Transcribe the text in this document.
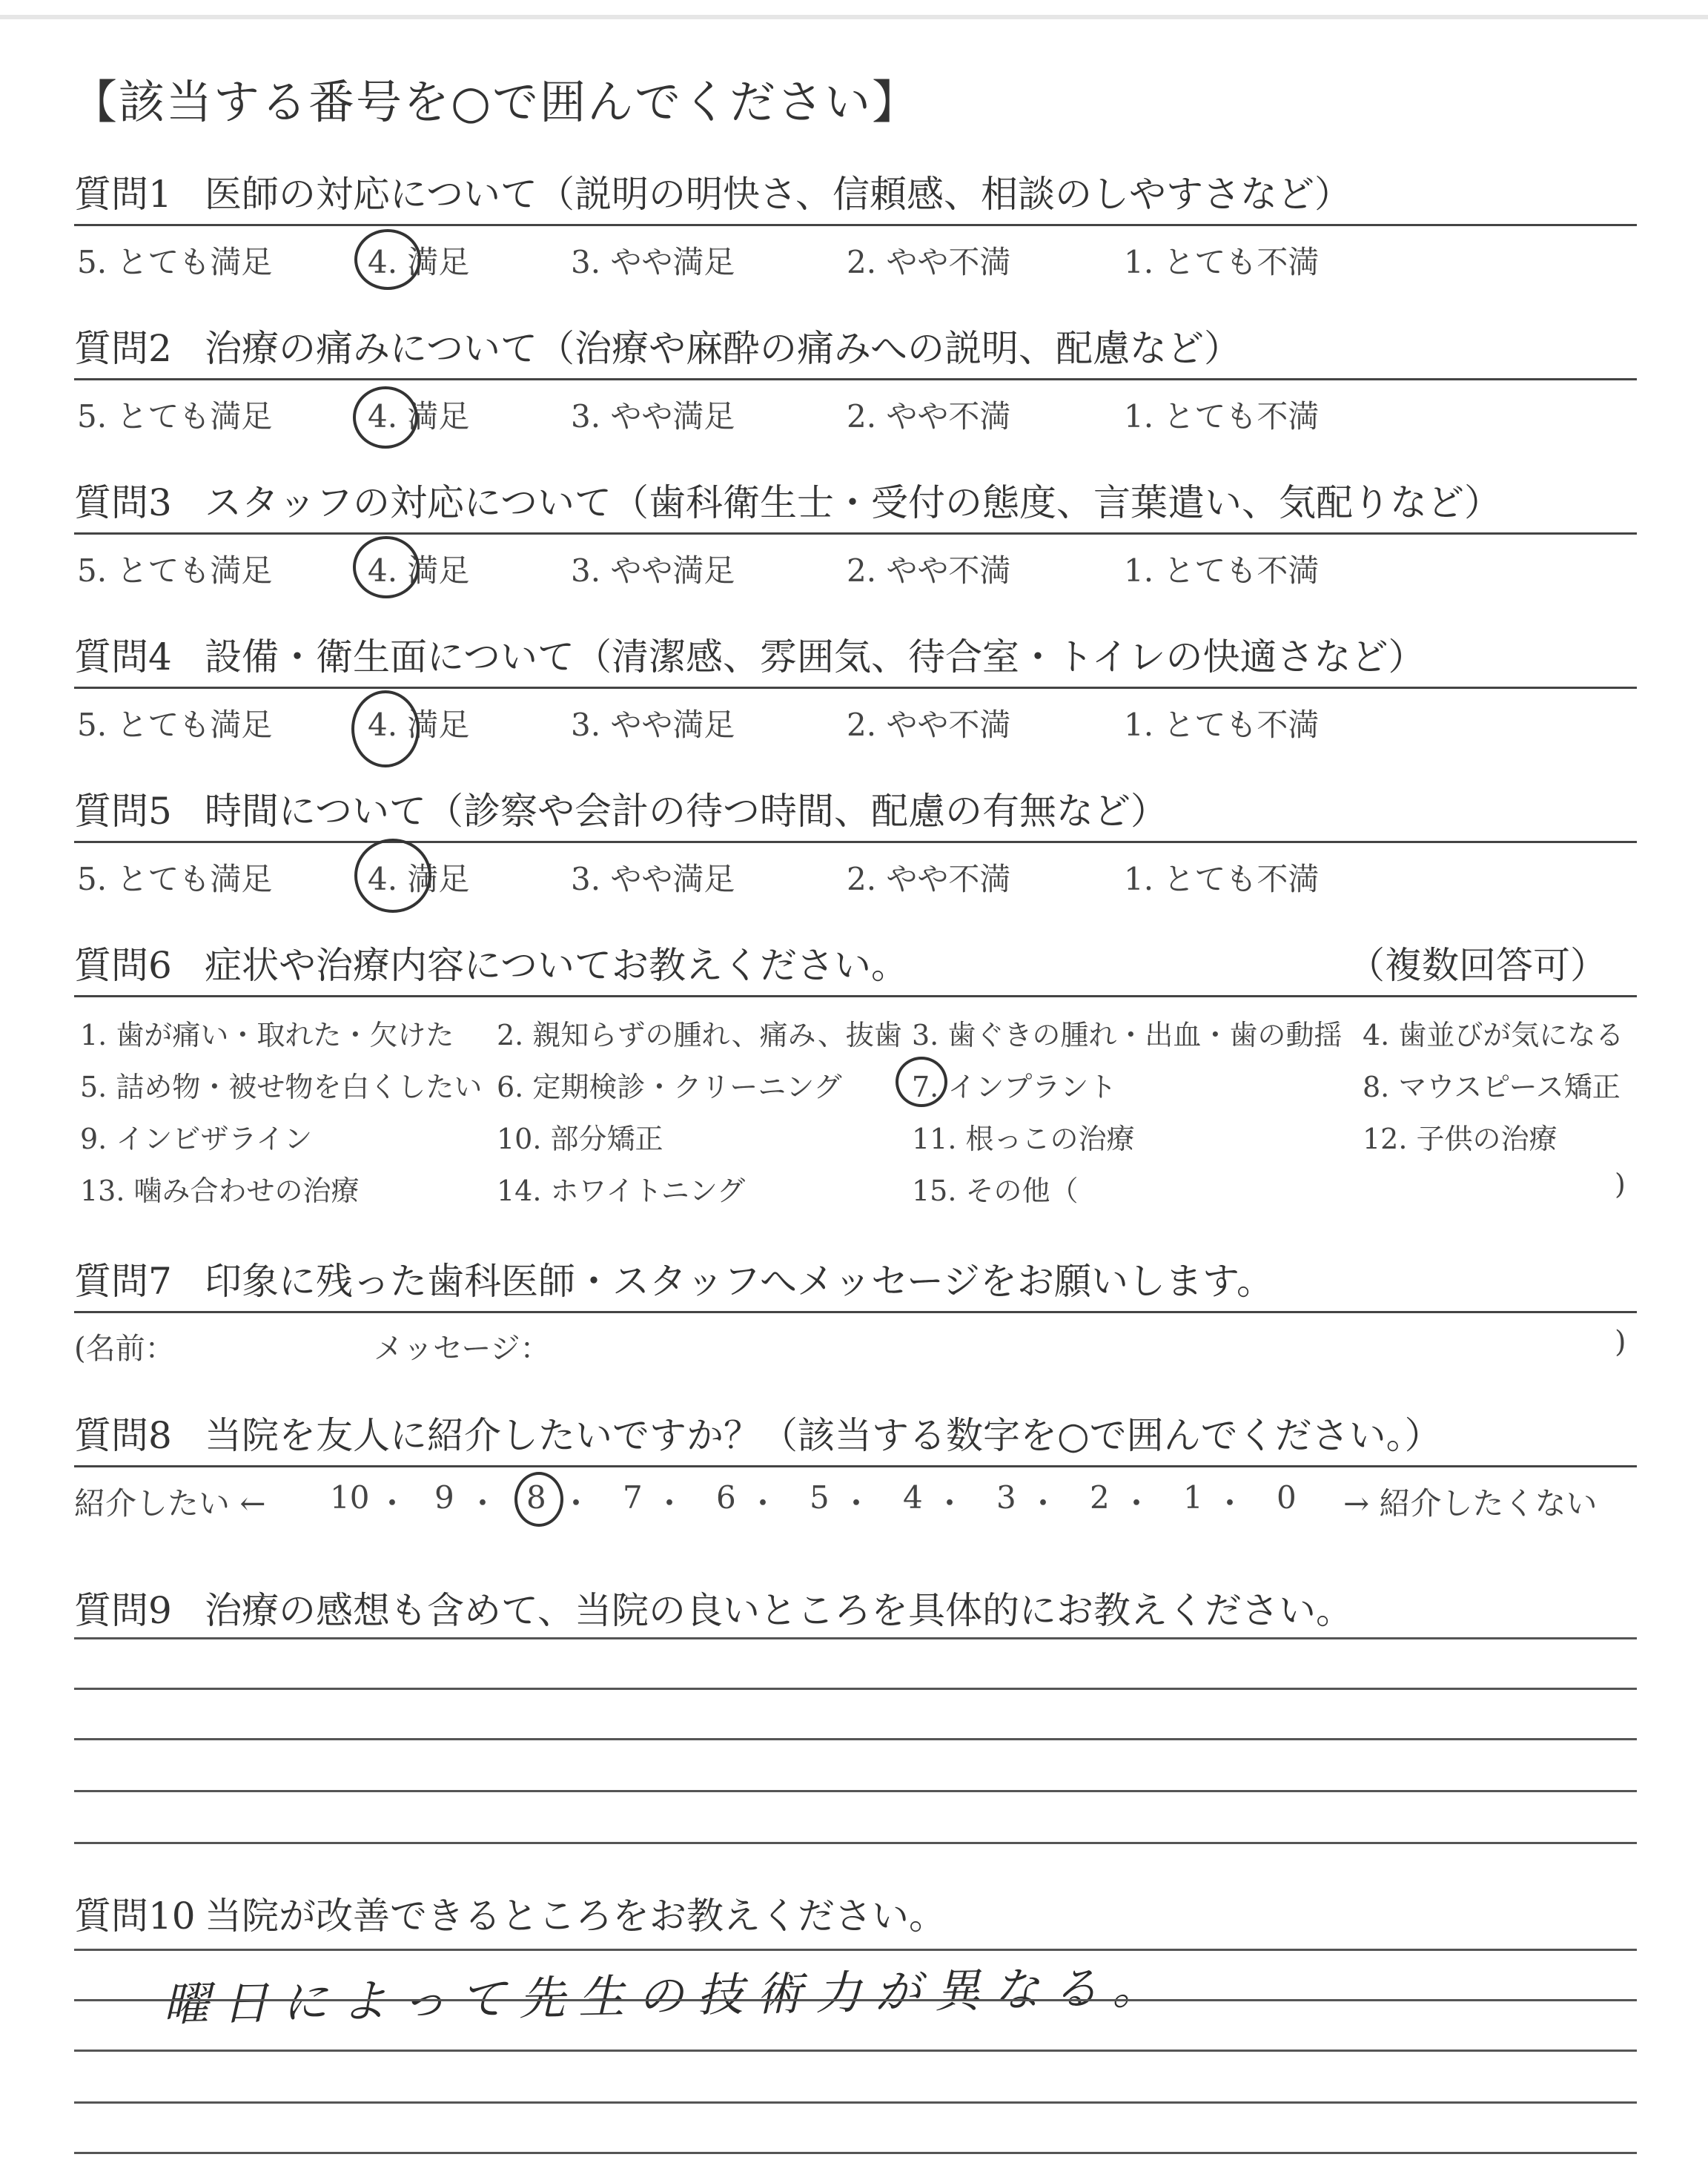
【該当する番号を○で囲んでください】
質問1 医師の対応について（説明の明快さ、信頼感、相談のしやすさなど）
5. とても満足	4. 満足	3. やや満足	2. やや不満	1. とても不満
質問2 治療の痛みについて（治療や麻酔の痛みへの説明、配慮など）
5. とても満足	4. 満足	3. やや満足	2. やや不満	1. とても不満
質問3 スタッフの対応について（歯科衛生士・受付の態度、言葉遣い、気配りなど）
5. とても満足	4. 満足	3. やや満足	2. やや不満	1. とても不満
質問4 設備・衛生面について（清潔感、雰囲気、待合室・トイレの快適さなど）
5. とても満足	4. 満足	3. やや満足	2. やや不満	1. とても不満
質問5 時間について（診察や会計の待つ時間、配慮の有無など）
5. とても満足	4. 満足	3. やや満足	2. やや不満	1. とても不満
質問6 症状や治療内容についてお教えください。	（複数回答可）
1. 歯が痛い・取れた・欠けた 2. 親知らずの腫れ、痛み、抜歯 3. 歯ぐきの腫れ・出血・歯の動揺 4. 歯並びが気になる
5. 詰め物・被せ物を白くしたい 6. 定期検診・クリーニング 7. インプラント	8. マウスピース矯正
9. インビザライン	10. 部分矯正	11. 根っこの治療	12. 子供の治療
13. 噛み合わせの治療	14. ホワイトニング	15. その他（	)
質問7 印象に残った歯科医師・スタッフへメッセージをお願いします。
(名前：	メッセージ：	)
質問8 当院を友人に紹介したいですか？（該当する数字を○で囲んでください。）
紹介したい ← 10 ・ 9 ・ 8 ・ 7 ・ 6 ・ 5 ・ 4 ・ 3 ・ 2 ・ 1 ・ 0 → 紹介したくない
質問9 治療の感想も含めて、当院の良いところを具体的にお教えください。
質問10 当院が改善できるところをお教えください。
曜日によって先生の技術力が異なる。
